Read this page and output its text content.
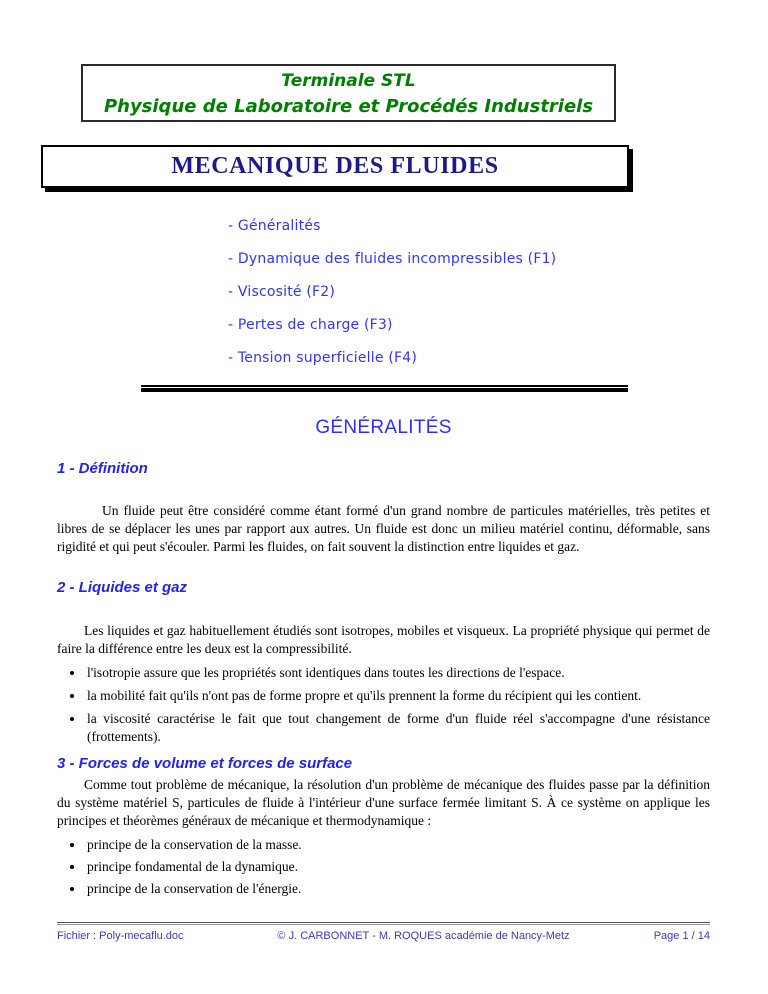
Terminale STL
Physique de Laboratoire et Procédés Industriels
MECANIQUE DES FLUIDES
- Généralités
- Dynamique des fluides incompressibles (F1)
- Viscosité (F2)
- Pertes de charge (F3)
- Tension superficielle (F4)
GÉNÉRALITÉS
1 - Définition

Un fluide peut être considéré comme étant formé d'un grand nombre de particules matérielles, très petites et libres de se déplacer les unes par rapport aux autres. Un fluide est donc un milieu matériel continu, déformable, sans rigidité et qui peut s'écouler. Parmi les fluides, on fait souvent la distinction entre liquides et gaz.

2 - Liquides et gaz

Les liquides et gaz habituellement étudiés sont isotropes, mobiles et visqueux. La propriété physique qui permet de faire la différence entre les deux est la compressibilité.

• l'isotropie assure que les propriétés sont identiques dans toutes les directions de l'espace.
• la mobilité fait qu'ils n'ont pas de forme propre et qu'ils prennent la forme du récipient qui les contient.
• la viscosité caractérise le fait que tout changement de forme d'un fluide réel s'accompagne d'une résistance (frottements).
3 - Forces de volume et forces de surface

Comme tout problème de mécanique, la résolution d'un problème de mécanique des fluides passe par la définition du système matériel S, particules de fluide à l'intérieur d'une surface fermée limitant S. À ce système on applique les principes et théorèmes généraux de mécanique et thermodynamique :

• principe de la conservation de la masse.
• principe fondamental de la dynamique.
• principe de la conservation de l'énergie.
Fichier : Poly-mecaflu.doc	© J. CARBONNET - M. ROQUES académie de Nancy-Metz	Page 1 / 14
